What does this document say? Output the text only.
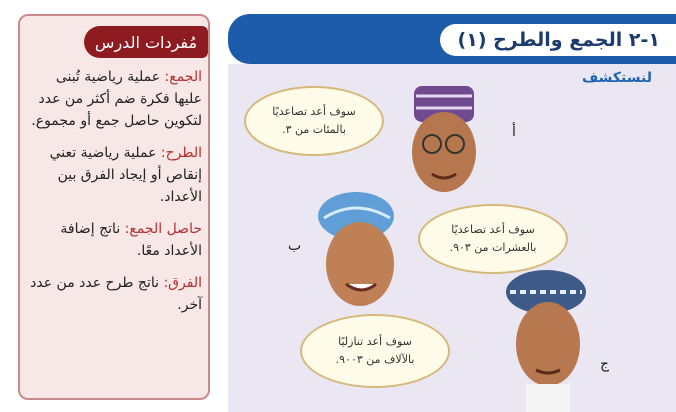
مُفردات الدرس

الجمع: عملية رياضية تُبنى عليها فكرة ضم أكثر من عدد لتكوين حاصل جمع أو مجموع.

الطرح: عملية رياضية تعني إنقاص أو إيجاد الفرق بين الأعداد.

حاصل الجمع: ناتج إضافة الأعداد معًا.

الفرق: ناتج طرح عدد من عدد آخر.

١-٢ الجمع والطرح (١)
لنستكشف
سوف أعد تصاعديًا
بالمئات من ٣.
سوف أعد تصاعديًا
بالعشرات من ٩٠٣.
سوف أعد تنازليًا
بالآلاف من ٩٠٠٣.
أ
ب
ج
